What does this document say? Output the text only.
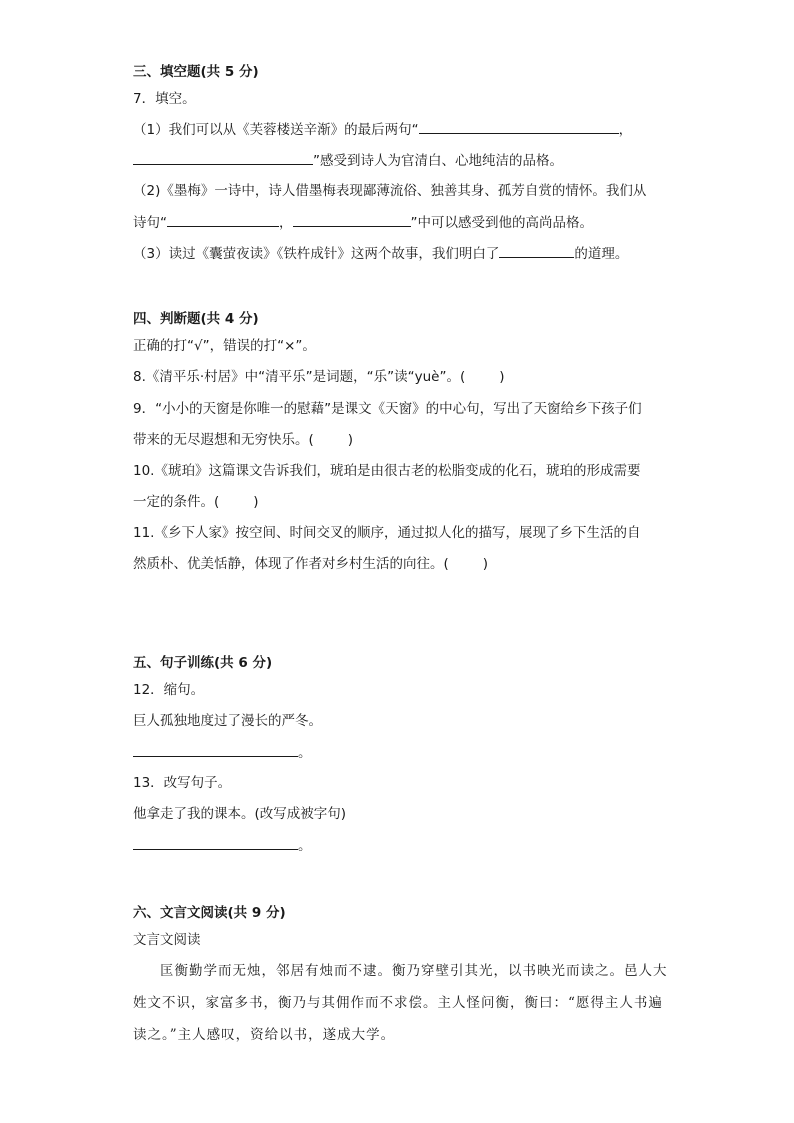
三、填空题(共 5 分)
7．填空。
（1）我们可以从《芙蓉楼送辛渐》的最后两句“	，
”感受到诗人为官清白、心地纯洁的品格。
（2)《墨梅》一诗中，诗人借墨梅表现鄙薄流俗、独善其身、孤芳自赏的情怀。我们从
诗句“	，	”中可以感受到他的高尚品格。
（3）读过《囊萤夜读》《铁杵成针》这两个故事，我们明白了	的道理。
四、判断题(共 4 分)
正确的打“√”，错误的打“×”。
8.《清平乐·村居》中“清平乐”是词题，“乐”读“yuè”。(	)
9．“小小的天窗是你唯一的慰藉”是课文《天窗》的中心句，写出了天窗给乡下孩子们
带来的无尽遐想和无穷快乐。(	)
10.《琥珀》这篇课文告诉我们，琥珀是由很古老的松脂变成的化石，琥珀的形成需要
一定的条件。(	)
11.《乡下人家》按空间、时间交叉的顺序，通过拟人化的描写，展现了乡下生活的自
然质朴、优美恬静，体现了作者对乡村生活的向往。(	)
五、句子训练(共 6 分)
12．缩句。
巨人孤独地度过了漫长的严冬。
。
13．改写句子。
他拿走了我的课本。(改写成被字句)
。
六、文言文阅读(共 9 分)
文言文阅读
匡衡勤学而无烛，邻居有烛而不逮。衡乃穿壁引其光，以书映光而读之。邑人大姓文不识，家富多书，衡乃与其佣作而不求偿。主人怪问衡，衡曰：“愿得主人书遍读之。”主人感叹，资给以书，遂成大学。
